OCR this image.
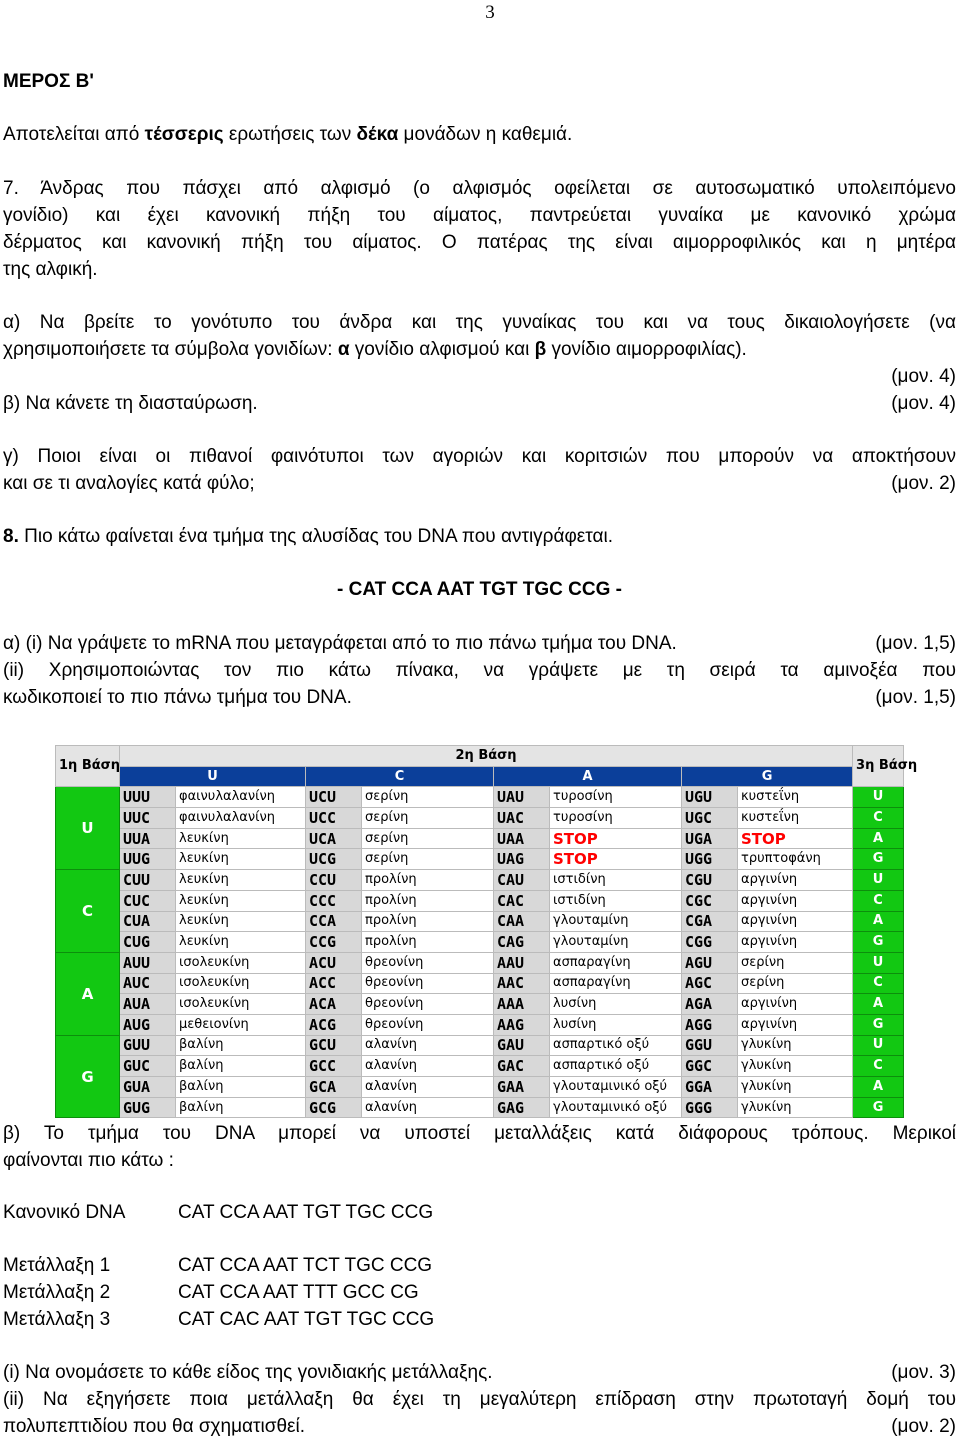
3
ΜΕΡΟΣ Β'
Αποτελείται από τέσσερις ερωτήσεις των δέκα μονάδων η καθεμιά.
7. Άνδρας που πάσχει από αλφισμό (ο αλφισμός οφείλεται σε αυτοσωματικό υπολειπόμενο
γονίδιο) και έχει κανονική πήξη του αίματος, παντρεύεται γυναίκα με κανονικό χρώμα
δέρματος και κανονική πήξη του αίματος. Ο πατέρας της είναι αιμορροφιλικός και η μητέρα
της αλφική.
α) Να βρείτε το γονότυπο του άνδρα και της γυναίκας του και να τους δικαιολογήσετε (να
χρησιμοποιήσετε τα σύμβολα γονιδίων: α γονίδιο αλφισμού και β γονίδιο αιμορροφιλίας).
(μον. 4)
β) Να κάνετε τη διασταύρωση.	(μον. 4)
γ) Ποιοι είναι οι πιθανοί φαινότυποι των αγοριών και κοριτσιών που μπορούν να αποκτήσουν
και σε τι αναλογίες κατά φύλο;	(μον. 2)
8. Πιο κάτω φαίνεται ένα τμήμα της αλυσίδας του DNA που αντιγράφεται.
- CAT CCA AAT TGT TGC CCG -
α) (i) Να γράψετε το mRNA που μεταγράφεται από το πιο πάνω τμήμα του DNA.	(μον. 1,5)
(ii) Χρησιμοποιώντας τον πιο κάτω πίνακα, να γράψετε με τη σειρά τα αμινοξέα που
κωδικοποιεί το πιο πάνω τμήμα του DNA.	(μον. 1,5)
1η Βάση	2η Βάση								3η Βάση
	U		C		A		G		
U	UUU	φαινυλαλανίνη	UCU	σερίνη	UAU	τυροσίνη	UGU	κυστεΐνη	U
	UUC	φαινυλαλανίνη	UCC	σερίνη	UAC	τυροσίνη	UGC	κυστεΐνη	C
	UUA	λευκίνη	UCA	σερίνη	UAA	STOP	UGA	STOP	A
	UUG	λευκίνη	UCG	σερίνη	UAG	STOP	UGG	τρυπτοφάνη	G
C	CUU	λευκίνη	CCU	προλίνη	CAU	ιστιδίνη	CGU	αργινίνη	U
	CUC	λευκίνη	CCC	προλίνη	CAC	ιστιδίνη	CGC	αργινίνη	C
	CUA	λευκίνη	CCA	προλίνη	CAA	γλουταμίνη	CGA	αργινίνη	A
	CUG	λευκίνη	CCG	προλίνη	CAG	γλουταμίνη	CGG	αργινίνη	G
A	AUU	ισολευκίνη	ACU	θρεονίνη	AAU	ασπαραγίνη	AGU	σερίνη	U
	AUC	ισολευκίνη	ACC	θρεονίνη	AAC	ασπαραγίνη	AGC	σερίνη	C
	AUA	ισολευκίνη	ACA	θρεονίνη	AAA	λυσίνη	AGA	αργινίνη	A
	AUG	μεθειονίνη	ACG	θρεονίνη	AAG	λυσίνη	AGG	αργινίνη	G
G	GUU	βαλίνη	GCU	αλανίνη	GAU	ασπαρτικό οξύ	GGU	γλυκίνη	U
	GUC	βαλίνη	GCC	αλανίνη	GAC	ασπαρτικό οξύ	GGC	γλυκίνη	C
	GUA	βαλίνη	GCA	αλανίνη	GAA	γλουταμινικό οξύ	GGA	γλυκίνη	A
	GUG	βαλίνη	GCG	αλανίνη	GAG	γλουταμινικό οξύ	GGG	γλυκίνη	G
β) Το τμήμα του DNA μπορεί να υποστεί μεταλλάξεις κατά διάφορους τρόπους. Μερικοί
φαίνονται πιο κάτω :
Κανονικό DNA	CAT CCA AAT TGT TGC CCG
Μετάλλαξη 1	CAT CCA AAT TCT TGC CCG
Μετάλλαξη 2	CAT CCA AAT TTT GCC CG
Μετάλλαξη 3	CAT CAC AAT TGT TGC CCG
(i) Να ονομάσετε το κάθε είδος της γονιδιακής μετάλλαξης.	(μον. 3)
(ii) Να εξηγήσετε ποια μετάλλαξη θα έχει τη μεγαλύτερη επίδραση στην πρωτοταγή δομή του
πολυπεπτιδίου που θα σχηματισθεί.	(μον. 2)
